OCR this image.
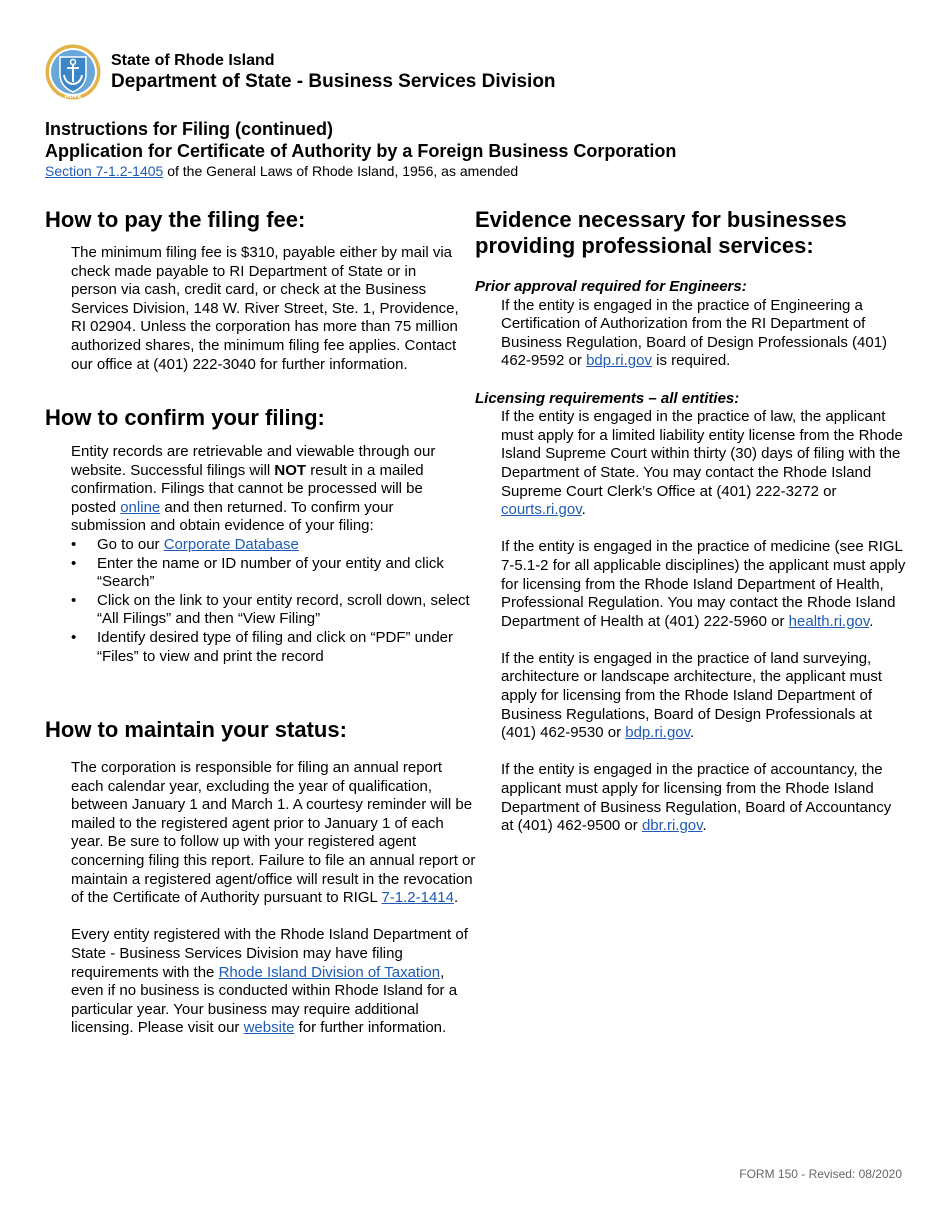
HOPE
State of Rhode Island
Department of State - Business Services Division
Instructions for Filing (continued)
Application for Certificate of Authority by a Foreign Business Corporation
Section 7-1.2-1405 of the General Laws of Rhode Island, 1956, as amended
How to pay the filing fee:
The minimum filing fee is $310, payable either by mail via check made payable to RI Department of State or in person via cash, credit card, or check at the Business Services Division, 148 W. River Street, Ste. 1, Providence, RI 02904. Unless the corporation has more than 75 million authorized shares, the minimum filing fee applies. Contact our office at (401) 222-3040 for further information.
How to confirm your filing:
Entity records are retrievable and viewable through our website. Successful filings will NOT result in a mailed confirmation. Filings that cannot be processed will be posted online and then returned. To confirm your submission and obtain evidence of your filing:
• Go to our Corporate Database
• Enter the name or ID number of your entity and click “Search”
• Click on the link to your entity record, scroll down, select “All Filings” and then “View Filing”
• Identify desired type of filing and click on “PDF” under “Files” to view and print the record
How to maintain your status:

The corporation is responsible for filing an annual report each calendar year, excluding the year of qualification, between January 1 and March 1. A courtesy reminder will be mailed to the registered agent prior to January 1 of each year. Be sure to follow up with your registered agent concerning filing this report. Failure to file an annual report or maintain a registered agent/office will result in the revocation of the Certificate of Authority pursuant to RIGL 7-1.2-1414.

Every entity registered with the Rhode Island Department of State - Business Services Division may have filing requirements with the Rhode Island Division of Taxation, even if no business is conducted within Rhode Island for a particular year. Your business may require additional licensing. Please visit our website for further information.

Evidence necessary for businesses
providing professional services:
Prior approval required for Engineers:

If the entity is engaged in the practice of Engineering a Certification of Authorization from the RI Department of Business Regulation, Board of Design Professionals (401) 462-9592 or bdp.ri.gov is required.

Licensing requirements – all entities:

If the entity is engaged in the practice of law, the applicant must apply for a limited liability entity license from the Rhode Island Supreme Court within thirty (30) days of filing with the Department of State. You may contact the Rhode Island Supreme Court Clerk’s Office at (401) 222-3272 or courts.ri.gov.

If the entity is engaged in the practice of medicine (see RIGL 7-5.1-2 for all applicable disciplines) the applicant must apply for licensing from the Rhode Island Department of Health, Professional Regulation. You may contact the Rhode Island Department of Health at (401) 222-5960 or health.ri.gov.

If the entity is engaged in the practice of land surveying, architecture or landscape architecture, the applicant must apply for licensing from the Rhode Island Department of Business Regulations, Board of Design Professionals at (401) 462-9530 or bdp.ri.gov.

If the entity is engaged in the practice of accountancy, the applicant must apply for licensing from the Rhode Island Department of Business Regulation, Board of Accountancy at (401) 462-9500 or dbr.ri.gov.

FORM 150 - Revised: 08/2020
